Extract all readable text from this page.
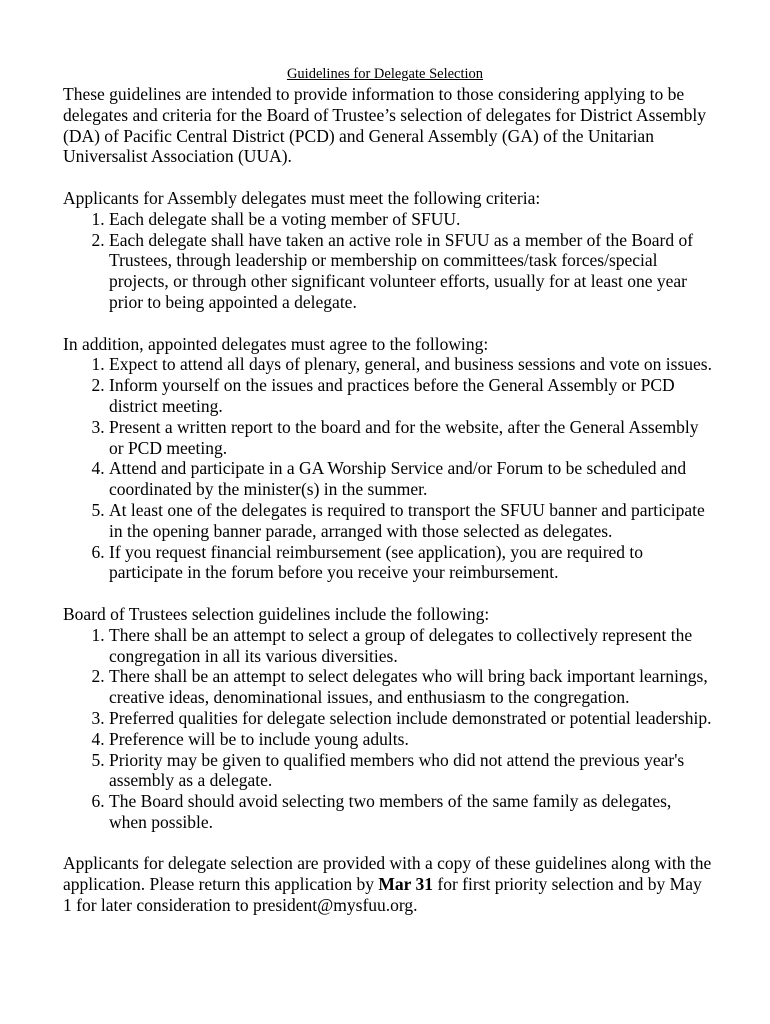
Guidelines for Delegate Selection

These guidelines are intended to provide information to those considering applying to be delegates and criteria for the Board of Trustee’s selection of delegates for District Assembly (DA) of Pacific Central District (PCD) and General Assembly (GA) of the Unitarian Universalist Association (UUA).

Applicants for Assembly delegates must meet the following criteria:

1. Each delegate shall be a voting member of SFUU.
2. Each delegate shall have taken an active role in SFUU as a member of the Board of Trustees, through leadership or membership on committees/task forces/special projects, or through other significant volunteer efforts, usually for at least one year prior to being appointed a delegate.

In addition, appointed delegates must agree to the following:

1. Expect to attend all days of plenary, general, and business sessions and vote on issues.
2. Inform yourself on the issues and practices before the General Assembly or PCD district meeting.
3. Present a written report to the board and for the website, after the General Assembly or PCD meeting.
4. Attend and participate in a GA Worship Service and/or Forum to be scheduled and coordinated by the minister(s) in the summer.
5. At least one of the delegates is required to transport the SFUU banner and participate in the opening banner parade, arranged with those selected as delegates.
6. If you request financial reimbursement (see application), you are required to participate in the forum before you receive your reimbursement.

Board of Trustees selection guidelines include the following:

1. There shall be an attempt to select a group of delegates to collectively represent the congregation in all its various diversities.
2. There shall be an attempt to select delegates who will bring back important learnings, creative ideas, denominational issues, and enthusiasm to the congregation.
3. Preferred qualities for delegate selection include demonstrated or potential leadership.
4. Preference will be to include young adults.
5. Priority may be given to qualified members who did not attend the previous year's assembly as a delegate.
6. The Board should avoid selecting two members of the same family as delegates, when possible.

Applicants for delegate selection are provided with a copy of these guidelines along with the application. Please return this application by Mar 31 for first priority selection and by May 1 for later consideration to president@mysfuu.org.
